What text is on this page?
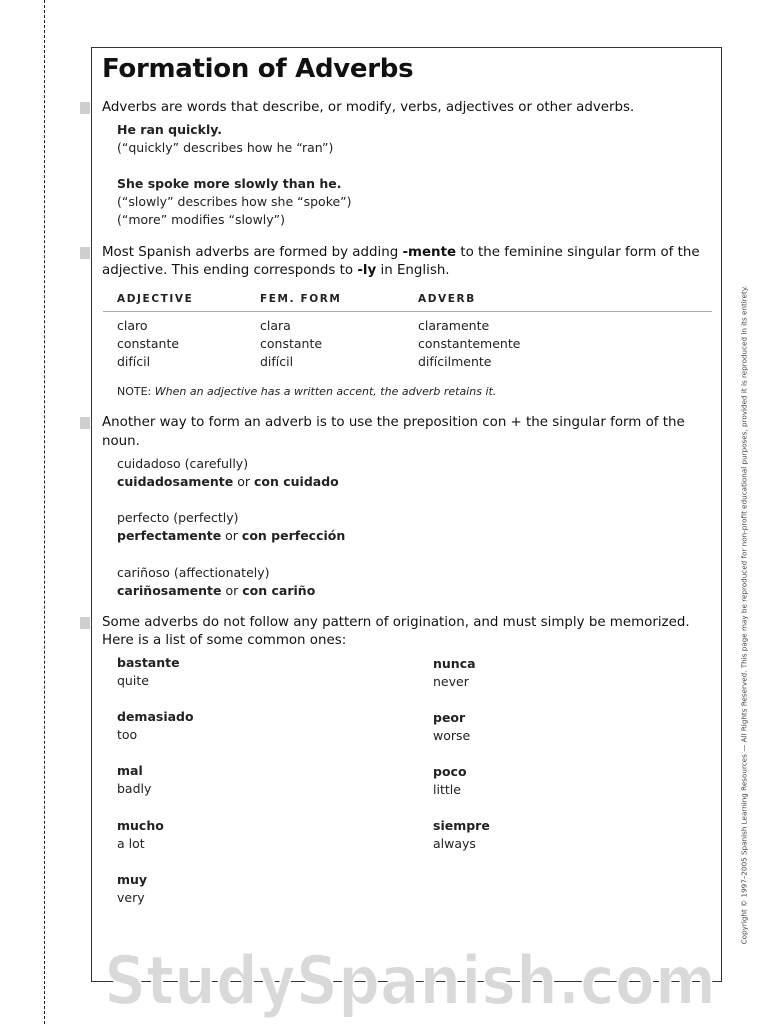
Formation of Adverbs
Adverbs are words that describe, or modify, verbs, adjectives or other adverbs.
He ran quickly.
(“quickly” describes how he “ran”)
She spoke more slowly than he.
(“slowly” describes how she “spoke”)
(“more” modifies “slowly”)
Most Spanish adverbs are formed by adding -mente to the feminine singular form of the
adjective. This ending corresponds to -ly in English.
ADJECTIVE	FEM. FORM	ADVERB
claro	clara	claramente
constante	constante	constantemente
difícil	difícil	difícilmente
NOTE: When an adjective has a written accent, the adverb retains it.
Another way to form an adverb is to use the preposition con + the singular form of the
noun.
cuidadoso (carefully)
cuidadosamente or con cuidado
perfecto (perfectly)
perfectamente or con perfección
cariñoso (affectionately)
cariñosamente or con cariño
Some adverbs do not follow any pattern of origination, and must simply be memorized.
Here is a list of some common ones:
bastante
quite
demasiado
too
mal
badly
mucho
a lot
muy
very
nunca
never
peor
worse
poco
little
siempre
always	Copyright © 1997–2005 Spanish Learning Resources — All Rights Reserved. This page may be reproduced for non-profit educational purposes, provided it is reproduced in its entirety.
StudySpanish.com
